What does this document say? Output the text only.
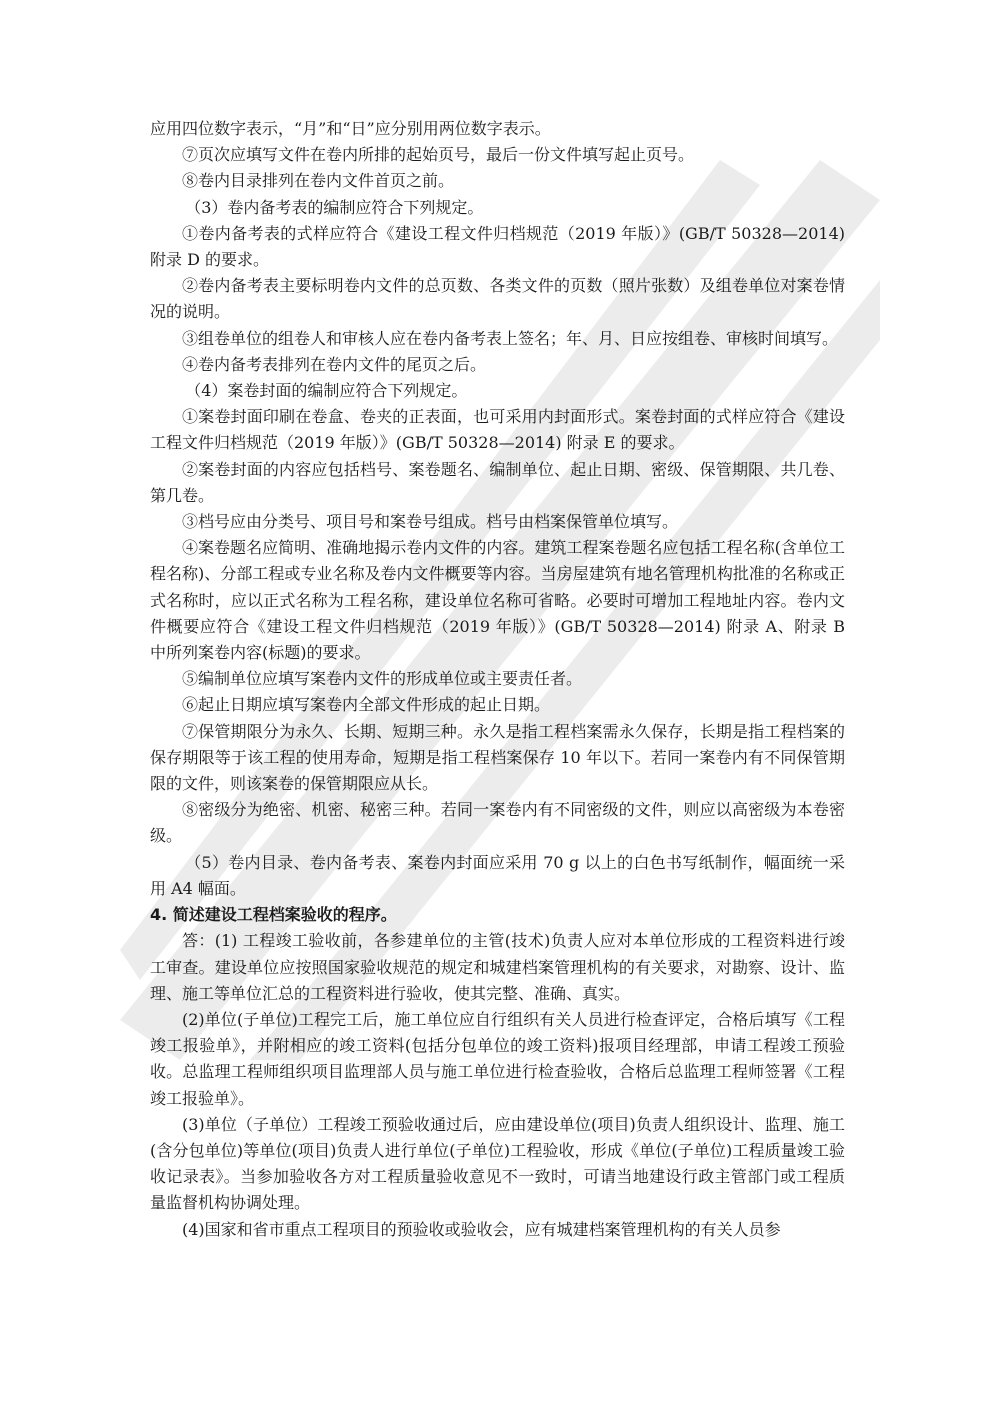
应用四位数字表示，“月”和“日”应分别用两位数字表示。

⑦页次应填写文件在卷内所排的起始页号，最后一份文件填写起止页号。

⑧卷内目录排列在卷内文件首页之前。

（3）卷内备考表的编制应符合下列规定。

①卷内备考表的式样应符合《建设工程文件归档规范（2019 年版）》(GB/T 50328—2014) 附录 D 的要求。

②卷内备考表主要标明卷内文件的总页数、各类文件的页数（照片张数）及组卷单位对案卷情况的说明。

③组卷单位的组卷人和审核人应在卷内备考表上签名；年、月、日应按组卷、审核时间填写。

④卷内备考表排列在卷内文件的尾页之后。

（4）案卷封面的编制应符合下列规定。

①案卷封面印刷在卷盒、卷夹的正表面，也可采用内封面形式。案卷封面的式样应符合《建设工程文件归档规范（2019 年版）》(GB/T 50328—2014) 附录 E 的要求。

②案卷封面的内容应包括档号、案卷题名、编制单位、起止日期、密级、保管期限、共几卷、第几卷。

③档号应由分类号、项目号和案卷号组成。档号由档案保管单位填写。

④案卷题名应简明、准确地揭示卷内文件的内容。建筑工程案卷题名应包括工程名称(含单位工程名称)、分部工程或专业名称及卷内文件概要等内容。当房屋建筑有地名管理机构批准的名称或正式名称时，应以正式名称为工程名称，建设单位名称可省略。必要时可增加工程地址内容。卷内文件概要应符合《建设工程文件归档规范（2019 年版）》(GB/T 50328—2014) 附录 A、附录 B 中所列案卷内容(标题)的要求。

⑤编制单位应填写案卷内文件的形成单位或主要责任者。

⑥起止日期应填写案卷内全部文件形成的起止日期。

⑦保管期限分为永久、长期、短期三种。永久是指工程档案需永久保存，长期是指工程档案的保存期限等于该工程的使用寿命，短期是指工程档案保存 10 年以下。若同一案卷内有不同保管期限的文件，则该案卷的保管期限应从长。

⑧密级分为绝密、机密、秘密三种。若同一案卷内有不同密级的文件，则应以高密级为本卷密级。

（5）卷内目录、卷内备考表、案卷内封面应采用 70 g 以上的白色书写纸制作，幅面统一采用 A4 幅面。

4. 简述建设工程档案验收的程序。

答：(1) 工程竣工验收前，各参建单位的主管(技术)负责人应对本单位形成的工程资料进行竣工审查。建设单位应按照国家验收规范的规定和城建档案管理机构的有关要求，对勘察、设计、监理、施工等单位汇总的工程资料进行验收，使其完整、准确、真实。

(2)单位(子单位)工程完工后，施工单位应自行组织有关人员进行检查评定，合格后填写《工程竣工报验单》，并附相应的竣工资料(包括分包单位的竣工资料)报项目经理部，申请工程竣工预验收。总监理工程师组织项目监理部人员与施工单位进行检查验收，合格后总监理工程师签署《工程竣工报验单》。

(3)单位（子单位）工程竣工预验收通过后，应由建设单位(项目)负责人组织设计、监理、施工(含分包单位)等单位(项目)负责人进行单位(子单位)工程验收，形成《单位(子单位)工程质量竣工验收记录表》。当参加验收各方对工程质量验收意见不一致时，可请当地建设行政主管部门或工程质量监督机构协调处理。

(4)国家和省市重点工程项目的预验收或验收会，应有城建档案管理机构的有关人员参
